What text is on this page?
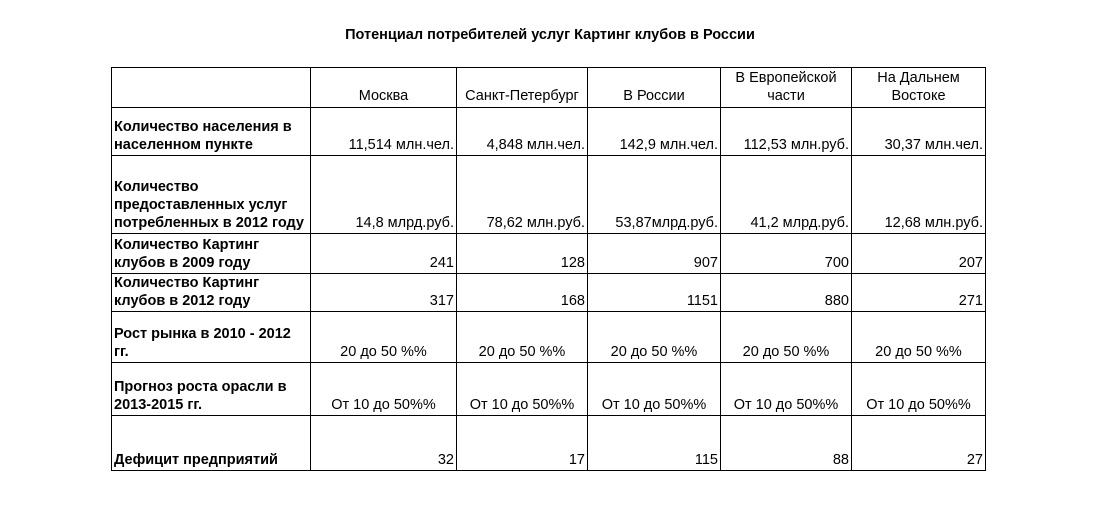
Потенциал потребителей услуг Картинг клубов в России
	Москва	Санкт-Петербург	В России	В Европейской части	На Дальнем Востоке
Количество населения в населенном пункте	11,514 млн.чел.	4,848 млн.чел.	142,9 млн.чел.	112,53 млн.руб.	30,37 млн.чел.
Количество предоставленных услуг потребленных в 2012 году	14,8 млрд.руб.	78,62 млн.руб.	53,87млрд.руб.	41,2 млрд.руб.	12,68 млн.руб.
Количество Картинг клубов в 2009 году	241	128	907	700	207
Количество Картинг клубов в 2012 году	317	168	1151	880	271
Рост рынка в 2010 - 2012 гг.	20 до 50 %%	20 до 50 %%	20 до 50 %%	20 до 50 %%	20 до 50 %%
Прогноз роста орасли в 2013-2015 гг.	От 10 до 50%%	От 10 до 50%%	От 10 до 50%%	От 10 до 50%%	От 10 до 50%%
Дефицит предприятий	32	17	115	88	27
